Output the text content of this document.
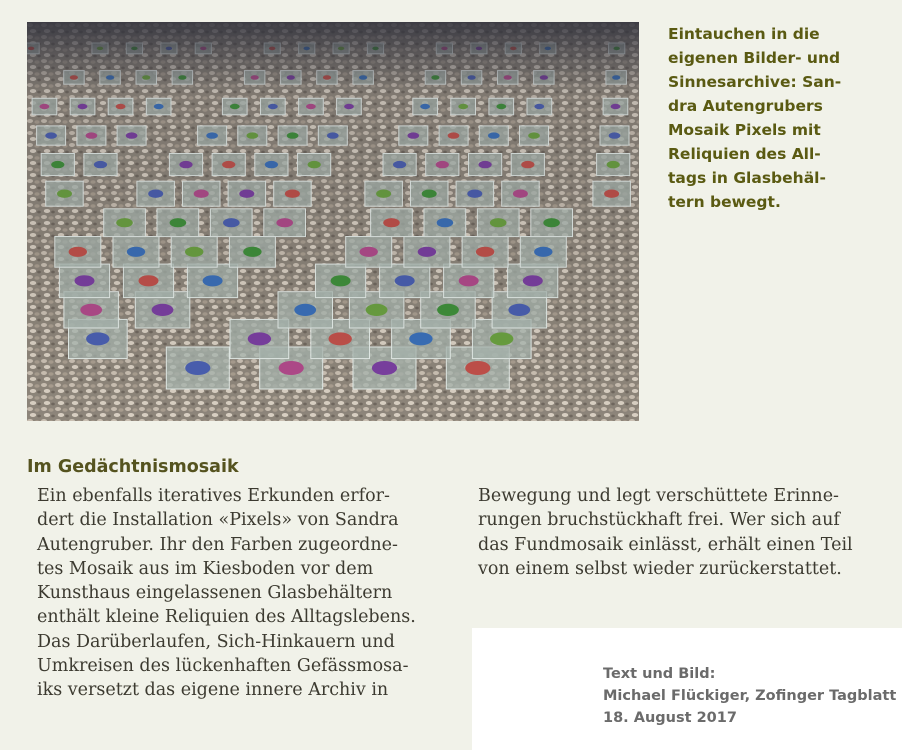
Eintauchen in die
eigenen Bilder- und
Sinnesarchive: San-
dra Autengrubers
Mosaik Pixels mit
Reliquien des All-
tags in Glasbehäl-
tern bewegt.
Im Gedächtnismosaik
Ein ebenfalls iteratives Erkunden erfor-
dert die Installation «Pixels» von Sandra
Autengruber. Ihr den Farben zugeordne-
tes Mosaik aus im Kiesboden vor dem
Kunsthaus eingelassenen Glasbehältern
enthält kleine Reliquien des Alltagslebens.
Das Darüberlaufen, Sich-Hinkauern und
Umkreisen des lückenhaften Gefässmosa-
iks versetzt das eigene innere Archiv in
Bewegung und legt verschüttete Erinne-
rungen bruchstückhaft frei. Wer sich auf
das Fundmosaik einlässt, erhält einen Teil
von einem selbst wieder zurückerstattet.
Text und Bild:
Michael Flückiger, Zofinger Tagblatt
18. August 2017
